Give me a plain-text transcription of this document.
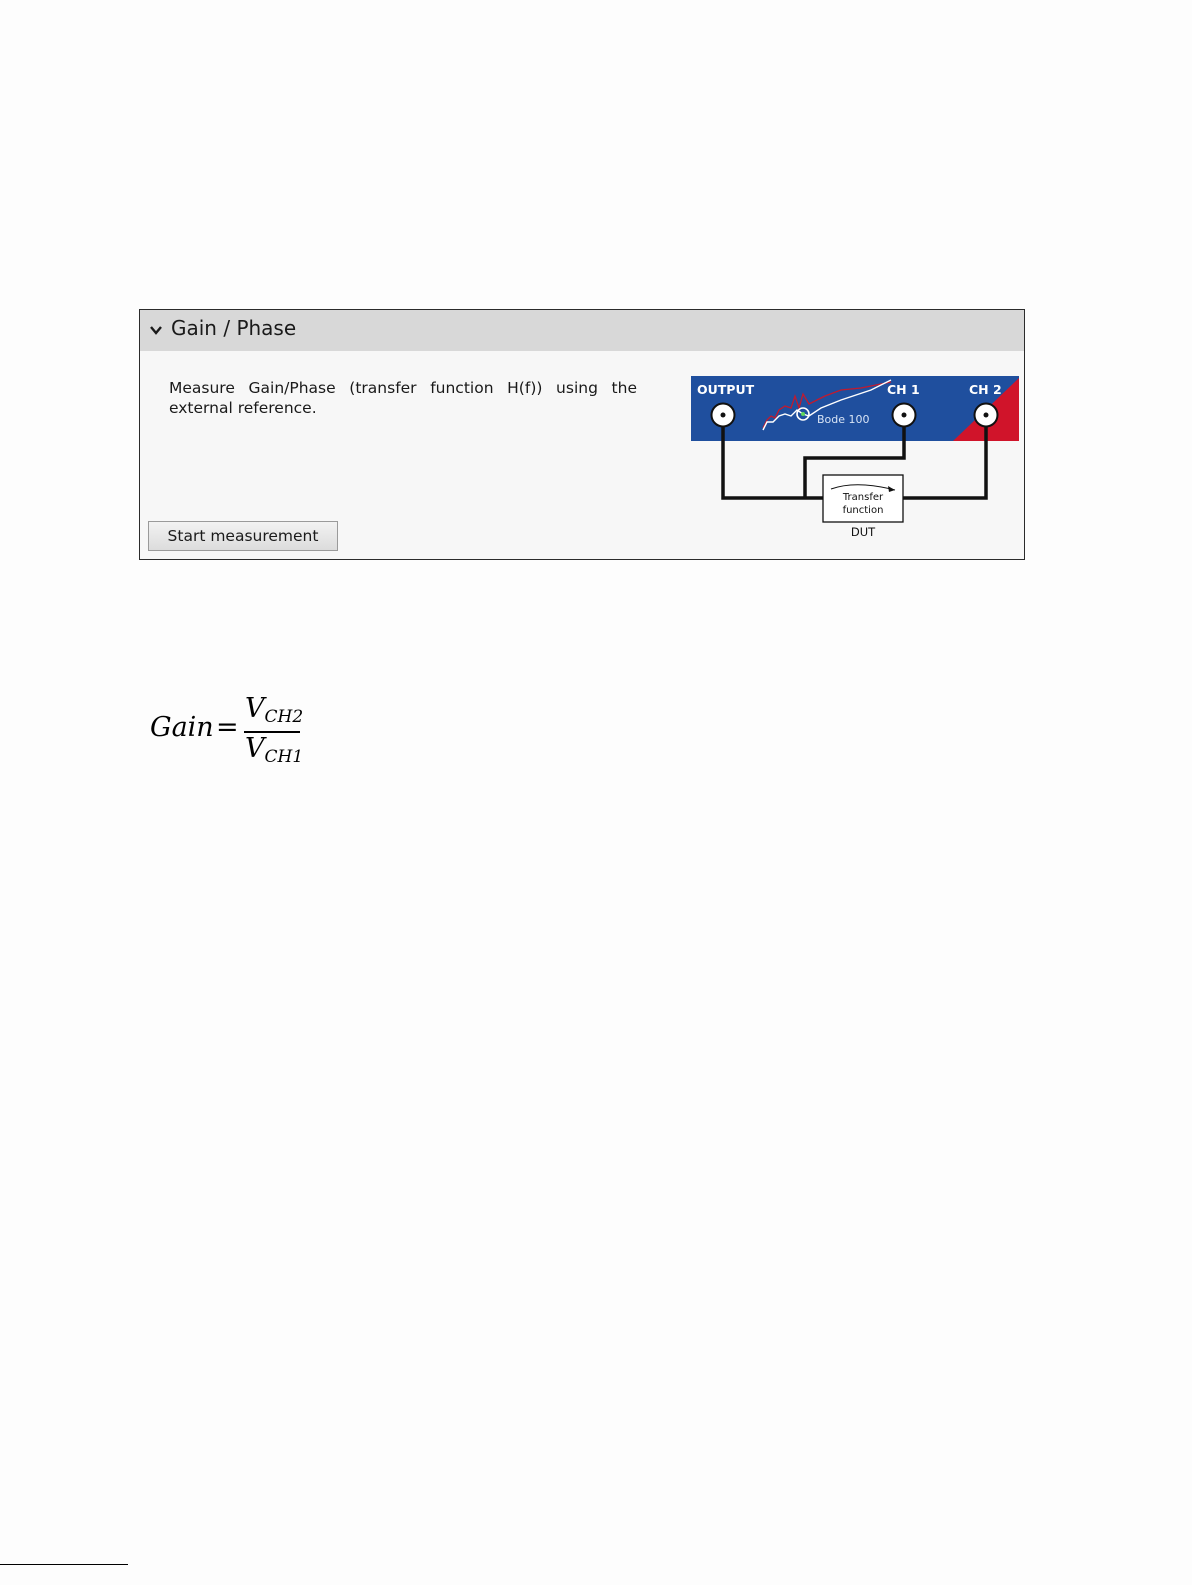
Gain / Phase
Measure Gain/Phase (transfer function H(f)) using the external reference.
Start measurement
OUTPUT	CH 1	CH 2
Bode 100
Transfer
function
DUT
Gain =
$V_{CH2}$
$V_{CH1}$
